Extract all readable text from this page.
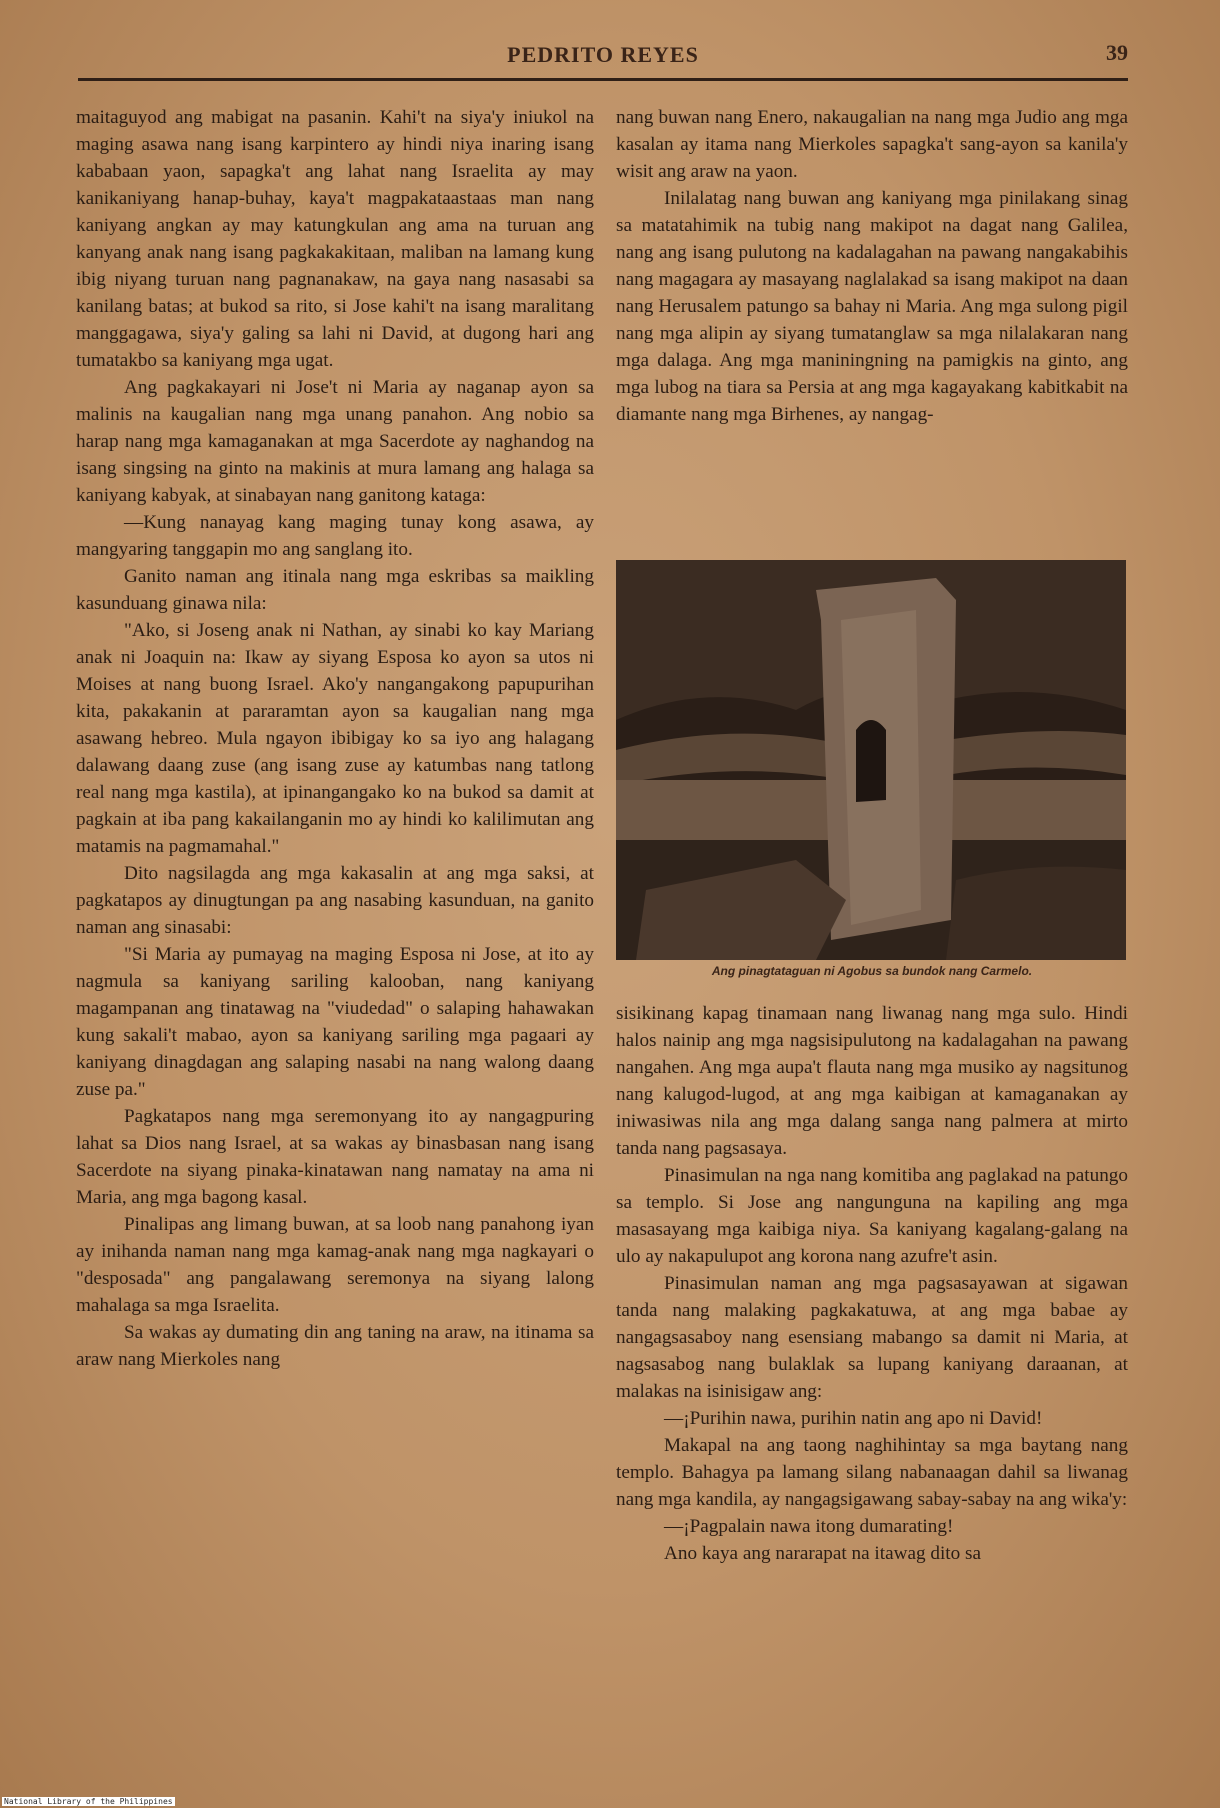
PEDRITO REYES	39

maitaguyod ang mabigat na pasanin. Kahi't na siya'y iniukol na maging asawa nang isang karpintero ay hindi niya inaring isang kababaan yaon, sapagka't ang lahat nang Israelita ay may kanikaniyang hanap-buhay, kaya't magpakataastaas man nang kaniyang angkan ay may katungkulan ang ama na turuan ang kanyang anak nang isang pagkakakitaan, maliban na lamang kung ibig niyang turuan nang pagnanakaw, na gaya nang nasasabi sa kanilang batas; at bukod sa rito, si Jose kahi't na isang maralitang manggagawa, siya'y galing sa lahi ni David, at dugong hari ang tumatakbo sa kaniyang mga ugat.

Ang pagkakayari ni Jose't ni Maria ay naganap ayon sa malinis na kaugalian nang mga unang panahon. Ang nobio sa harap nang mga kamaganakan at mga Sacerdote ay naghandog na isang singsing na ginto na makinis at mura lamang ang halaga sa kaniyang kabyak, at sinabayan nang ganitong kataga:

—Kung nanayag kang maging tunay kong asawa, ay mangyaring tanggapin mo ang sanglang ito.

Ganito naman ang itinala nang mga eskribas sa maikling kasunduang ginawa nila:

"Ako, si Joseng anak ni Nathan, ay sinabi ko kay Mariang anak ni Joaquin na: Ikaw ay siyang Esposa ko ayon sa utos ni Moises at nang buong Israel. Ako'y nangangakong papupurihan kita, pakakanin at pararamtan ayon sa kaugalian nang mga asawang hebreo. Mula ngayon ibibigay ko sa iyo ang halagang dalawang daang zuse (ang isang zuse ay katumbas nang tatlong real nang mga kastila), at ipinangangako ko na bukod sa damit at pagkain at iba pang kakailanganin mo ay hindi ko kalilimutan ang matamis na pagmamahal."

Dito nagsilagda ang mga kakasalin at ang mga saksi, at pagkatapos ay dinugtungan pa ang nasabing kasunduan, na ganito naman ang sinasabi:

"Si Maria ay pumayag na maging Esposa ni Jose, at ito ay nagmula sa kaniyang sariling kalooban, nang kaniyang magampanan ang tinatawag na "viudedad" o salaping hahawakan kung sakali't mabao, ayon sa kaniyang sariling mga pagaari ay kaniyang dinagdagan ang salaping nasabi na nang walong daang zuse pa."

Pagkatapos nang mga seremonyang ito ay nangagpuring lahat sa Dios nang Israel, at sa wakas ay binasbasan nang isang Sacerdote na siyang pinaka-kinatawan nang namatay na ama ni Maria, ang mga bagong kasal.

Pinalipas ang limang buwan, at sa loob nang panahong iyan ay inihanda naman nang mga kamag-anak nang mga nagkayari o "desposada" ang pangalawang seremonya na siyang lalong mahalaga sa mga Israelita.

Sa wakas ay dumating din ang taning na araw, na itinama sa araw nang Mierkoles nang

nang buwan nang Enero, nakaugalian na nang mga Judio ang mga kasalan ay itama nang Mierkoles sapagka't sang-ayon sa kanila'y wisit ang araw na yaon.

Inilalatag nang buwan ang kaniyang mga pinilakang sinag sa matatahimik na tubig nang makipot na dagat nang Galilea, nang ang isang pulutong na kadalagahan na pawang nangakabihis nang magagara ay masayang naglalakad sa isang makipot na daan nang Herusalem patungo sa bahay ni Maria. Ang mga sulong pigil nang mga alipin ay siyang tumatanglaw sa mga nilalakaran nang mga dalaga. Ang mga maniningning na pamigkis na ginto, ang mga lubog na tiara sa Persia at ang mga kagayakang kabitkabit na diamante nang mga Birhenes, ay nangag-

Ang pinagtataguan ni Agobus sa bundok nang Carmelo.

sisikinang kapag tinamaan nang liwanag nang mga sulo. Hindi halos nainip ang mga nagsisipulutong na kadalagahan na pawang nangahen. Ang mga aupa't flauta nang mga musiko ay nagsitunog nang kalugod-lugod, at ang mga kaibigan at kamaganakan ay iniwasiwas nila ang mga dalang sanga nang palmera at mirto tanda nang pagsasaya.

Pinasimulan na nga nang komitiba ang paglakad na patungo sa templo. Si Jose ang nangunguna na kapiling ang mga masasayang mga kaibiga niya. Sa kaniyang kagalang-galang na ulo ay nakapulupot ang korona nang azufre't asin.

Pinasimulan naman ang mga pagsasayawan at sigawan tanda nang malaking pagkakatuwa, at ang mga babae ay nangagsasaboy nang esensiang mabango sa damit ni Maria, at nagsasabog nang bulaklak sa lupang kaniyang daraanan, at malakas na isinisigaw ang:

—¡Purihin nawa, purihin natin ang apo ni David!

Makapal na ang taong naghihintay sa mga baytang nang templo. Bahagya pa lamang silang nabanaagan dahil sa liwanag nang mga kandila, ay nangagsigawang sabay-sabay na ang wika'y:

—¡Pagpalain nawa itong dumarating!

Ano kaya ang nararapat na itawag dito sa

National Library of the Philippines
